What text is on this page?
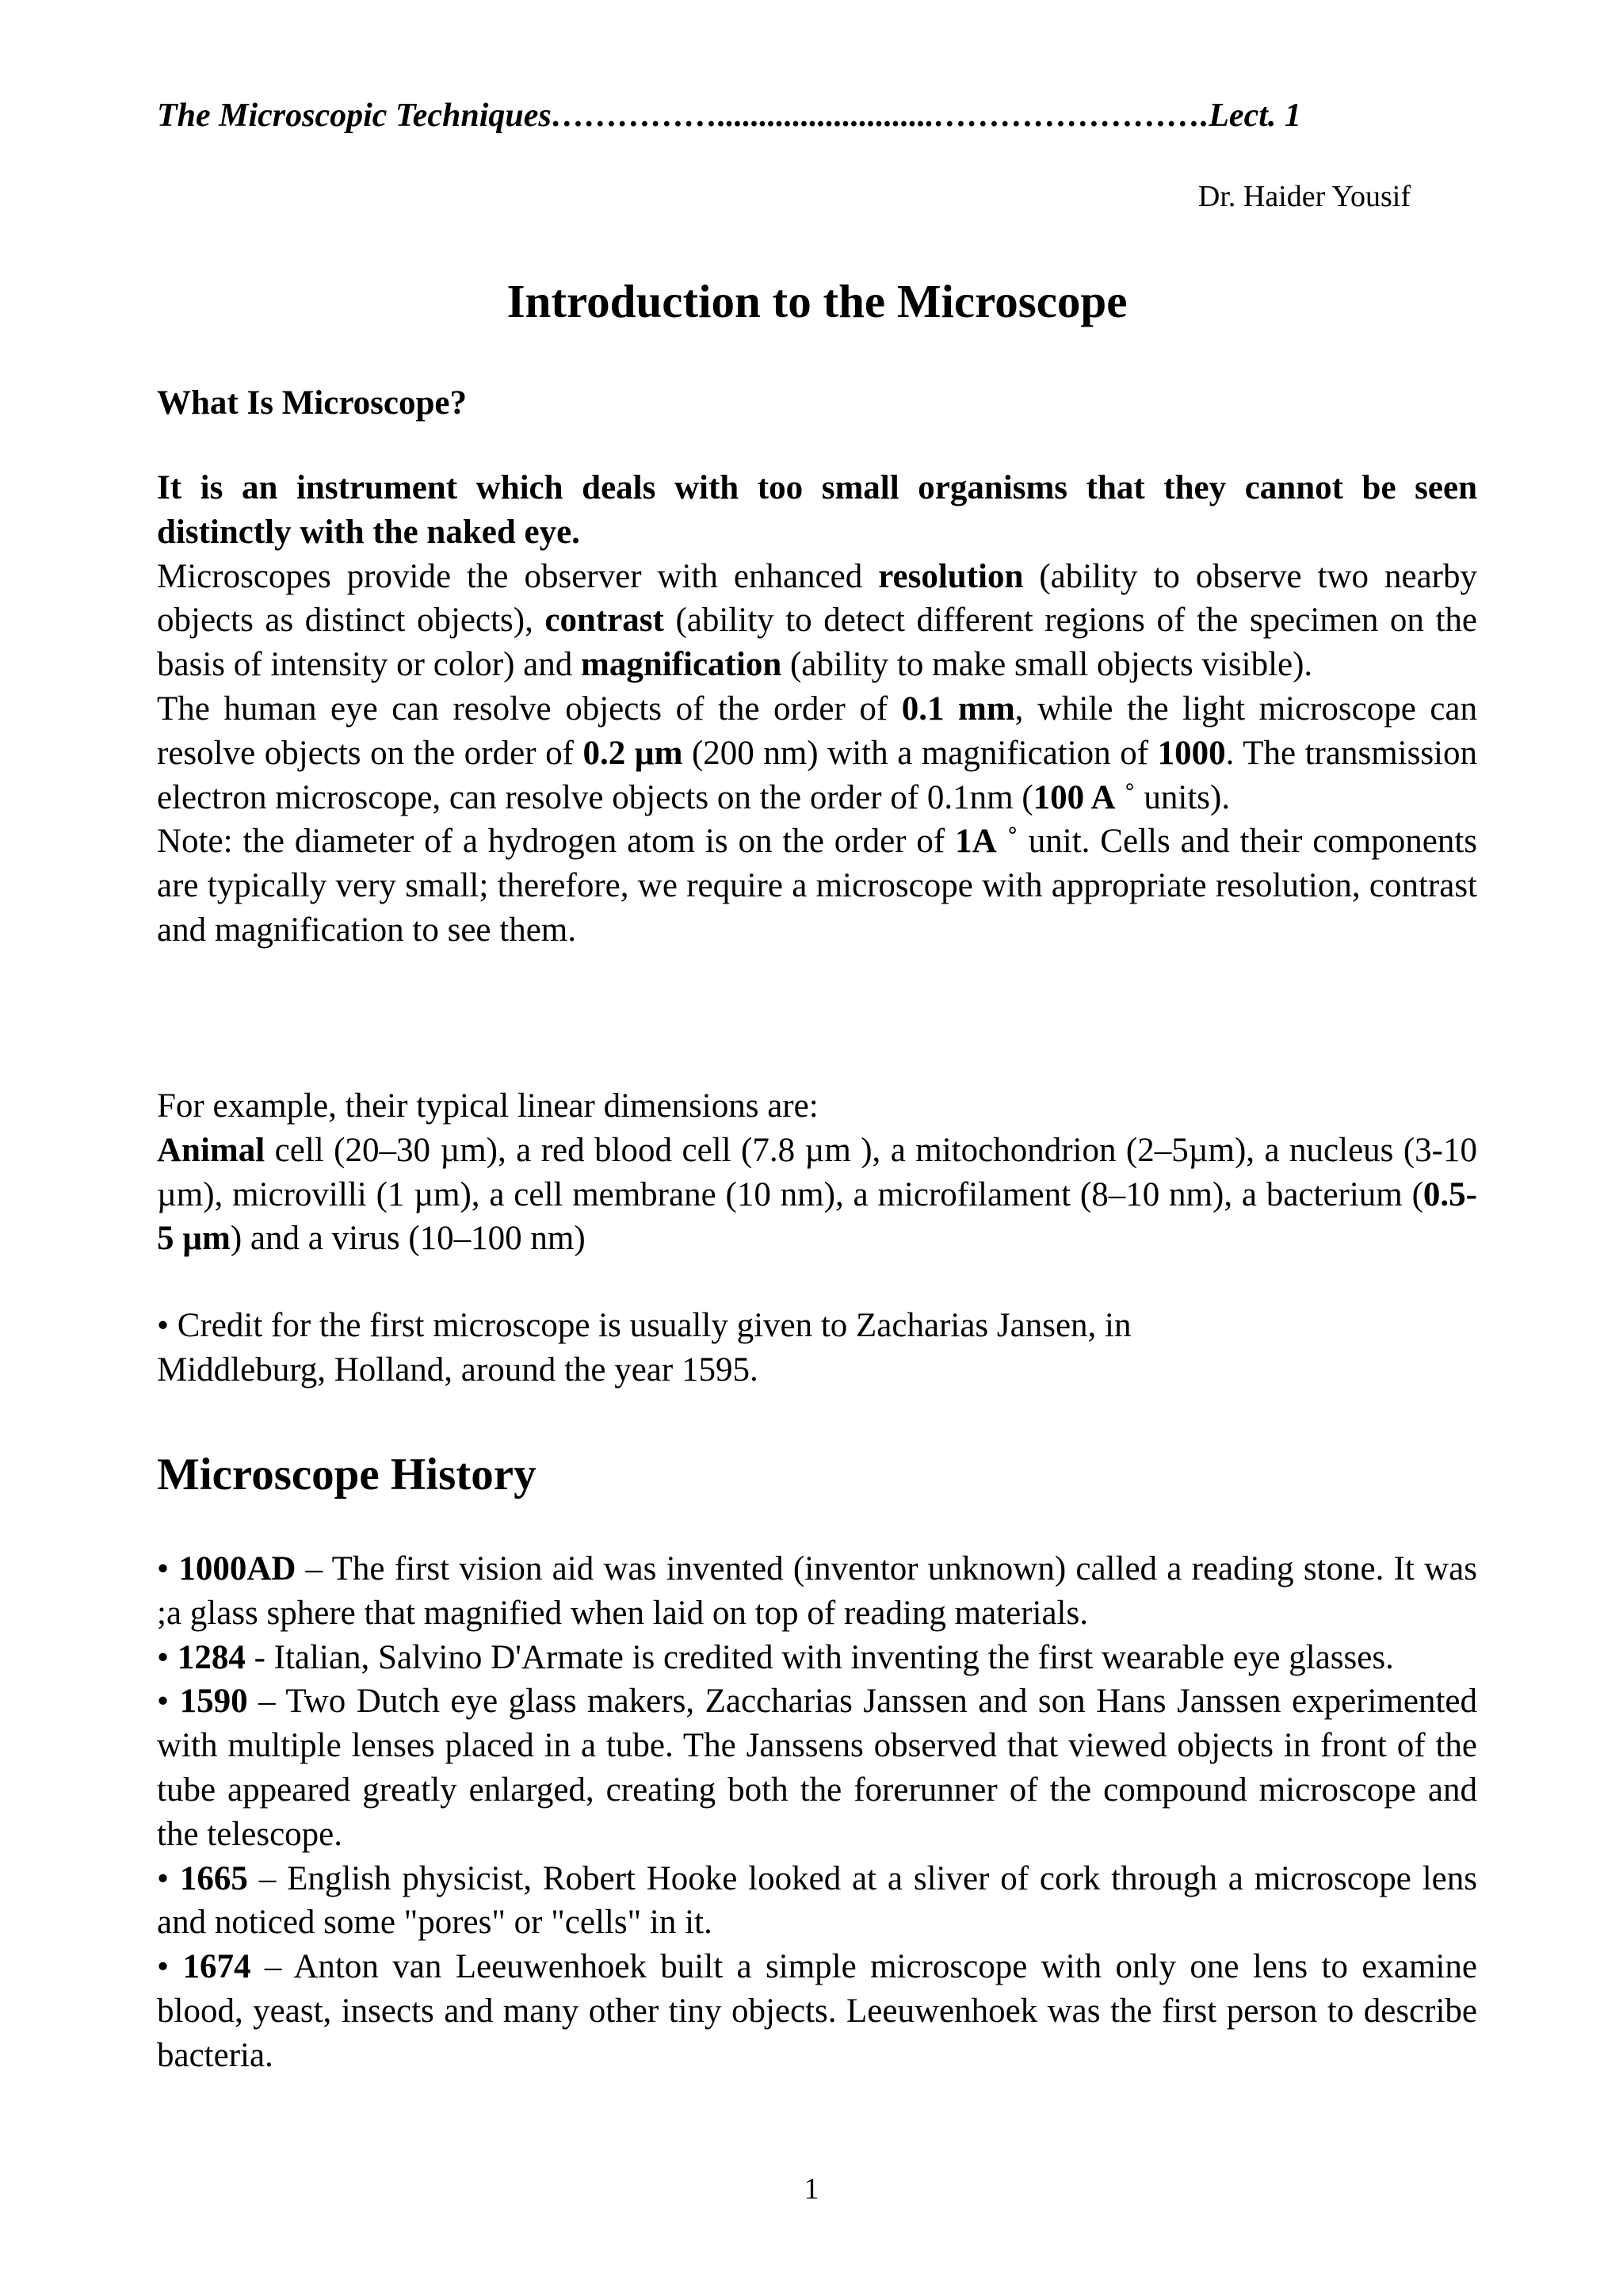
The Microscopic Techniques……………..........................…………………….Lect. 1
Dr. Haider Yousif
Introduction to the Microscope
What Is Microscope?

It is an instrument which deals with too small organisms that they cannot be seen distinctly with the naked eye.

Microscopes provide the observer with enhanced resolution (ability to observe two nearby objects as distinct objects), contrast (ability to detect different regions of the specimen on the basis of intensity or color) and magnification (ability to make small objects visible).

The human eye can resolve objects of the order of 0.1 mm, while the light microscope can resolve objects on the order of 0.2 µm (200 nm) with a magnification of 1000. The transmission electron microscope, can resolve objects on the order of 0.1nm (100 A ˚ units).

Note: the diameter of a hydrogen atom is on the order of 1A ˚ unit. Cells and their components are typically very small; therefore, we require a microscope with appropriate resolution, contrast and magnification to see them.

For example, their typical linear dimensions are:

Animal cell (20–30 µm), a red blood cell (7.8 µm ), a mitochondrion (2–5µm), a nucleus (3-10 µm), microvilli (1 µm), a cell membrane (10 nm), a microfilament (8–10 nm), a bacterium (0.5-5 µm) and a virus (10–100 nm)

• Credit for the first microscope is usually given to Zacharias Jansen, in

Middleburg, Holland, around the year 1595.

Microscope History

• 1000AD – The first vision aid was invented (inventor unknown) called a reading stone. It was ;a glass sphere that magnified when laid on top of reading materials.

• 1284 - Italian, Salvino D'Armate is credited with inventing the first wearable eye glasses.

• 1590 – Two Dutch eye glass makers, Zaccharias Janssen and son Hans Janssen experimented with multiple lenses placed in a tube. The Janssens observed that viewed objects in front of the tube appeared greatly enlarged, creating both the forerunner of the compound microscope and the telescope.

• 1665 – English physicist, Robert Hooke looked at a sliver of cork through a microscope lens and noticed some "pores" or "cells" in it.

• 1674 – Anton van Leeuwenhoek built a simple microscope with only one lens to examine blood, yeast, insects and many other tiny objects. Leeuwenhoek was the first person to describe bacteria.

1
